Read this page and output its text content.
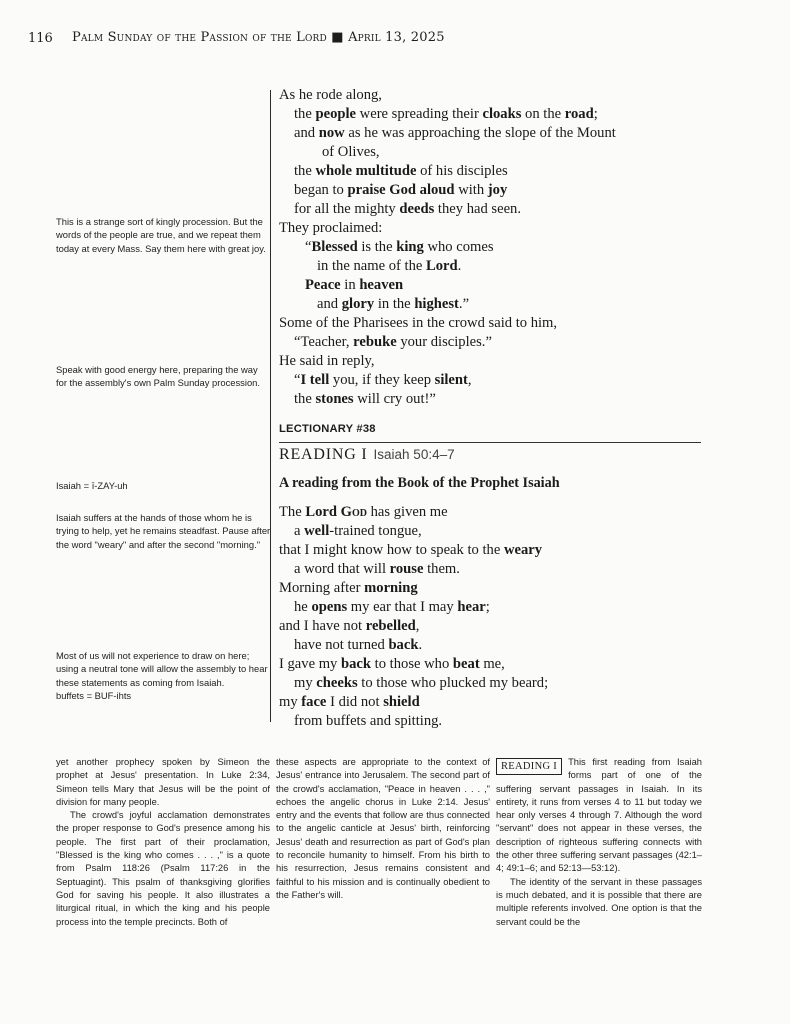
116 Palm Sunday of the Passion of the Lord ■ April 13, 2025

This is a strange sort of kingly procession. But the words of the people are true, and we repeat them today at every Mass. Say them here with great joy.

Speak with good energy here, preparing the way for the assembly's own Palm Sunday procession.

Isaiah = ī-ZAY-uh

Isaiah suffers at the hands of those whom he is trying to help, yet he remains steadfast. Pause after the word "weary" and after the second "morning."

Most of us will not experience to draw on here; using a neutral tone will allow the assembly to hear these statements as coming from Isaiah.

buffets = BUF-ihts

As he rode along,
the people were spreading their cloaks on the road;
and now as he was approaching the slope of the Mount
of Olives,
the whole multitude of his disciples
began to praise God aloud with joy
for all the mighty deeds they had seen.
They proclaimed:
“Blessed is the king who comes
in the name of the Lord.
Peace in heaven
and glory in the highest.”
Some of the Pharisees in the crowd said to him,
“Teacher, rebuke your disciples.”
He said in reply,
“I tell you, if they keep silent,
the stones will cry out!”
LECTIONARY #38
READING I Isaiah 50:4–7
A reading from the Book of the Prophet Isaiah
The Lord God has given me
a well-trained tongue,
that I might know how to speak to the weary
a word that will rouse them.
Morning after morning
he opens my ear that I may hear;
and I have not rebelled,
have not turned back.
I gave my back to those who beat me,
my cheeks to those who plucked my beard;
my face I did not shield
from buffets and spitting.

yet another prophecy spoken by Simeon the prophet at Jesus' presentation. In Luke 2:34, Simeon tells Mary that Jesus will be the point of division for many people.

The crowd's joyful acclamation demonstrates the proper response to God's presence among his people. The first part of their proclamation, "Blessed is the king who comes . . . ," is a quote from Psalm 118:26 (Psalm 117:26 in the Septuagint). This psalm of thanksgiving glorifies God for saving his people. It also illustrates a liturgical ritual, in which the king and his people process into the temple precincts. Both of

these aspects are appropriate to the context of Jesus' entrance into Jerusalem. The second part of the crowd's acclamation, "Peace in heaven . . . ," echoes the angelic chorus in Luke 2:14. Jesus' entry and the events that follow are thus connected to the angelic canticle at Jesus' birth, reinforcing Jesus' death and resurrection as part of God's plan to reconcile humanity to himself. From his birth to his resurrection, Jesus remains consistent and faithful to his mission and is continually obedient to the Father's will.

READING I	This first reading from Isaiah forms part of one of the suffering servant passages in Isaiah. In its entirety, it runs from verses 4 to 11 but today we hear only verses 4 through 7. Although the word "servant" does not appear in these verses, the description of righteous suffering connects with the other three suffering servant passages (42:1–4; 49:1–6; and 52:13—53:12).

The identity of the servant in these passages is much debated, and it is possible that there are multiple referents involved. One option is that the servant could be the
